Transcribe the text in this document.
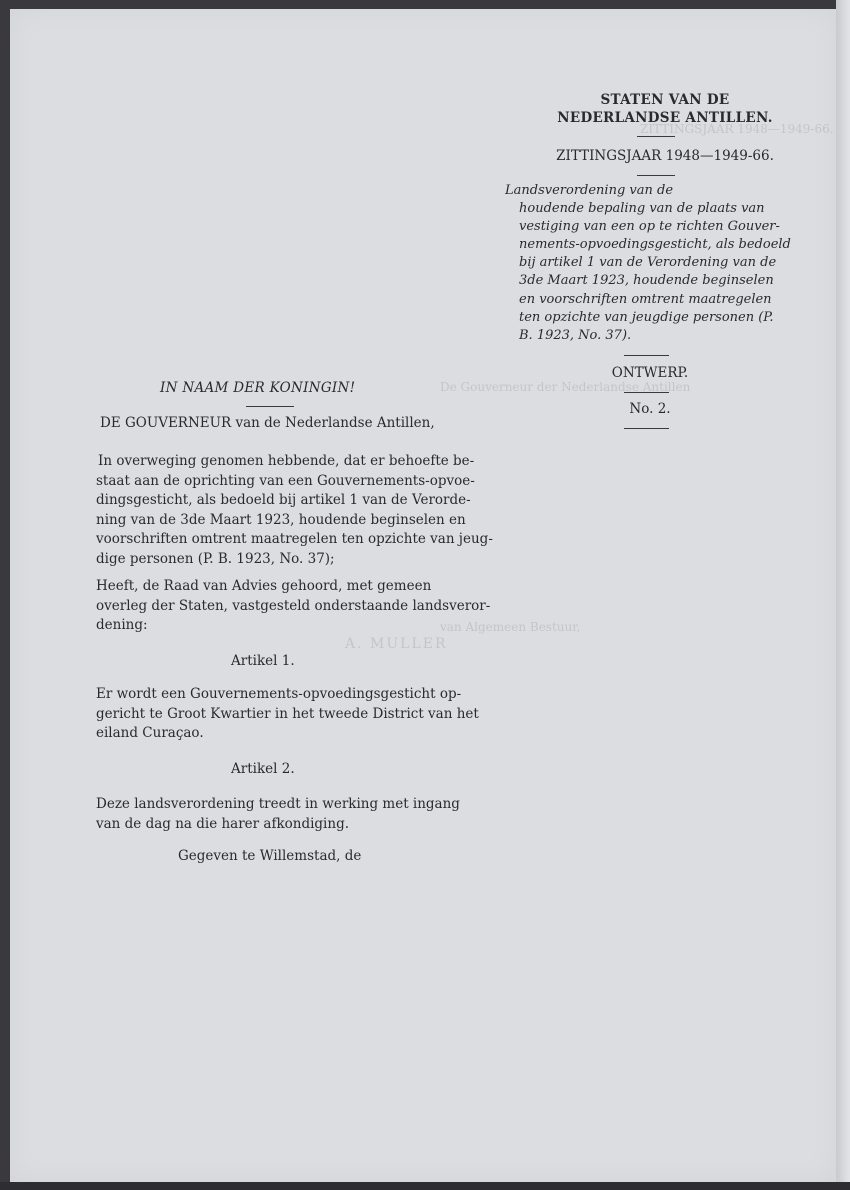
ZITTINGSJAAR 1948—1949-66.
De Gouverneur der Nederlandse Antillen
van Algemeen Bestuur,
A. MULLER
STATEN VAN DE
NEDERLANDSE ANTILLEN.
ZITTINGSJAAR 1948—1949-66.
Landsverordening van de
houdende bepaling van de plaats van
vestiging van een op te richten Gouver-
nements-opvoedingsgesticht, als bedoeld
bij artikel 1 van de Verordening van de
3de Maart 1923, houdende beginselen
en voorschriften omtrent maatregelen
ten opzichte van jeugdige personen (P.
B. 1923, No. 37).
ONTWERP.
No. 2.
IN NAAM DER KONINGIN!
DE GOUVERNEUR van de Nederlandse Antillen,
In overweging genomen hebbende, dat er behoefte be-
staat aan de oprichting van een Gouvernements-opvoe-
dingsgesticht, als bedoeld bij artikel 1 van de Verorde-
ning van de 3de Maart 1923, houdende beginselen en
voorschriften omtrent maatregelen ten opzichte van jeug-
dige personen (P. B. 1923, No. 37);
Heeft, de Raad van Advies gehoord, met gemeen
overleg der Staten, vastgesteld onderstaande landsveror-
dening:
Artikel 1.
Er wordt een Gouvernements-opvoedingsgesticht op-
gericht te Groot Kwartier in het tweede District van het
eiland Curaçao.
Artikel 2.
Deze landsverordening treedt in werking met ingang
van de dag na die harer afkondiging.
Gegeven te Willemstad, de
